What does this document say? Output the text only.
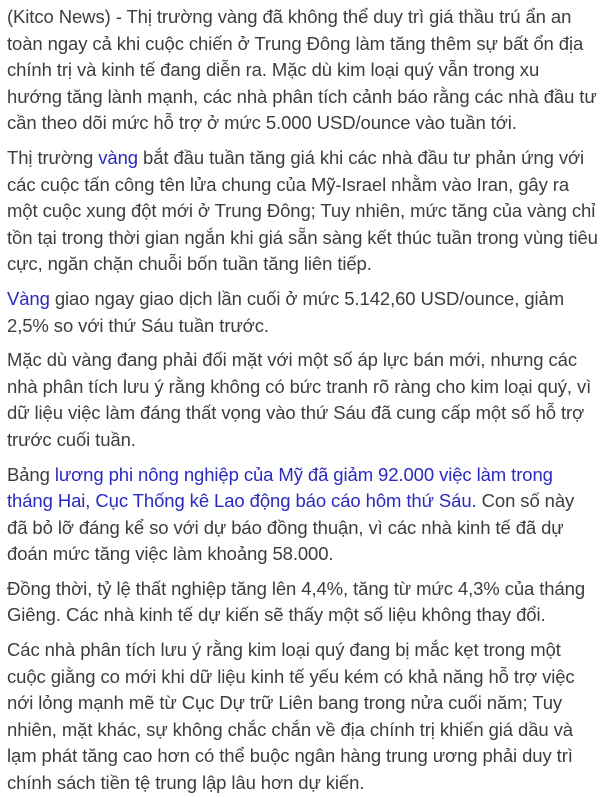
(Kitco News) - Thị trường vàng đã không thể duy trì giá thầu trú ẩn an toàn ngay cả khi cuộc chiến ở Trung Đông làm tăng thêm sự bất ổn địa chính trị và kinh tế đang diễn ra. Mặc dù kim loại quý vẫn trong xu hướng tăng lành mạnh, các nhà phân tích cảnh báo rằng các nhà đầu tư cần theo dõi mức hỗ trợ ở mức 5.000 USD/ounce vào tuần tới.

Thị trường vàng bắt đầu tuần tăng giá khi các nhà đầu tư phản ứng với các cuộc tấn công tên lửa chung của Mỹ-Israel nhằm vào Iran, gây ra một cuộc xung đột mới ở Trung Đông; Tuy nhiên, mức tăng của vàng chỉ tồn tại trong thời gian ngắn khi giá sẵn sàng kết thúc tuần trong vùng tiêu cực, ngăn chặn chuỗi bốn tuần tăng liên tiếp.

Vàng giao ngay giao dịch lần cuối ở mức 5.142,60 USD/ounce, giảm 2,5% so với thứ Sáu tuần trước.

Mặc dù vàng đang phải đối mặt với một số áp lực bán mới, nhưng các nhà phân tích lưu ý rằng không có bức tranh rõ ràng cho kim loại quý, vì dữ liệu việc làm đáng thất vọng vào thứ Sáu đã cung cấp một số hỗ trợ trước cuối tuần.

Bảng lương phi nông nghiệp của Mỹ đã giảm 92.000 việc làm trong tháng Hai, Cục Thống kê Lao động báo cáo hôm thứ Sáu. Con số này đã bỏ lỡ đáng kể so với dự báo đồng thuận, vì các nhà kinh tế đã dự đoán mức tăng việc làm khoảng 58.000.

Đồng thời, tỷ lệ thất nghiệp tăng lên 4,4%, tăng từ mức 4,3% của tháng Giêng. Các nhà kinh tế dự kiến sẽ thấy một số liệu không thay đổi.

Các nhà phân tích lưu ý rằng kim loại quý đang bị mắc kẹt trong một cuộc giằng co mới khi dữ liệu kinh tế yếu kém có khả năng hỗ trợ việc nới lỏng mạnh mẽ từ Cục Dự trữ Liên bang trong nửa cuối năm; Tuy nhiên, mặt khác, sự không chắc chắn về địa chính trị khiến giá dầu và lạm phát tăng cao hơn có thể buộc ngân hàng trung ương phải duy trì chính sách tiền tệ trung lập lâu hơn dự kiến.
